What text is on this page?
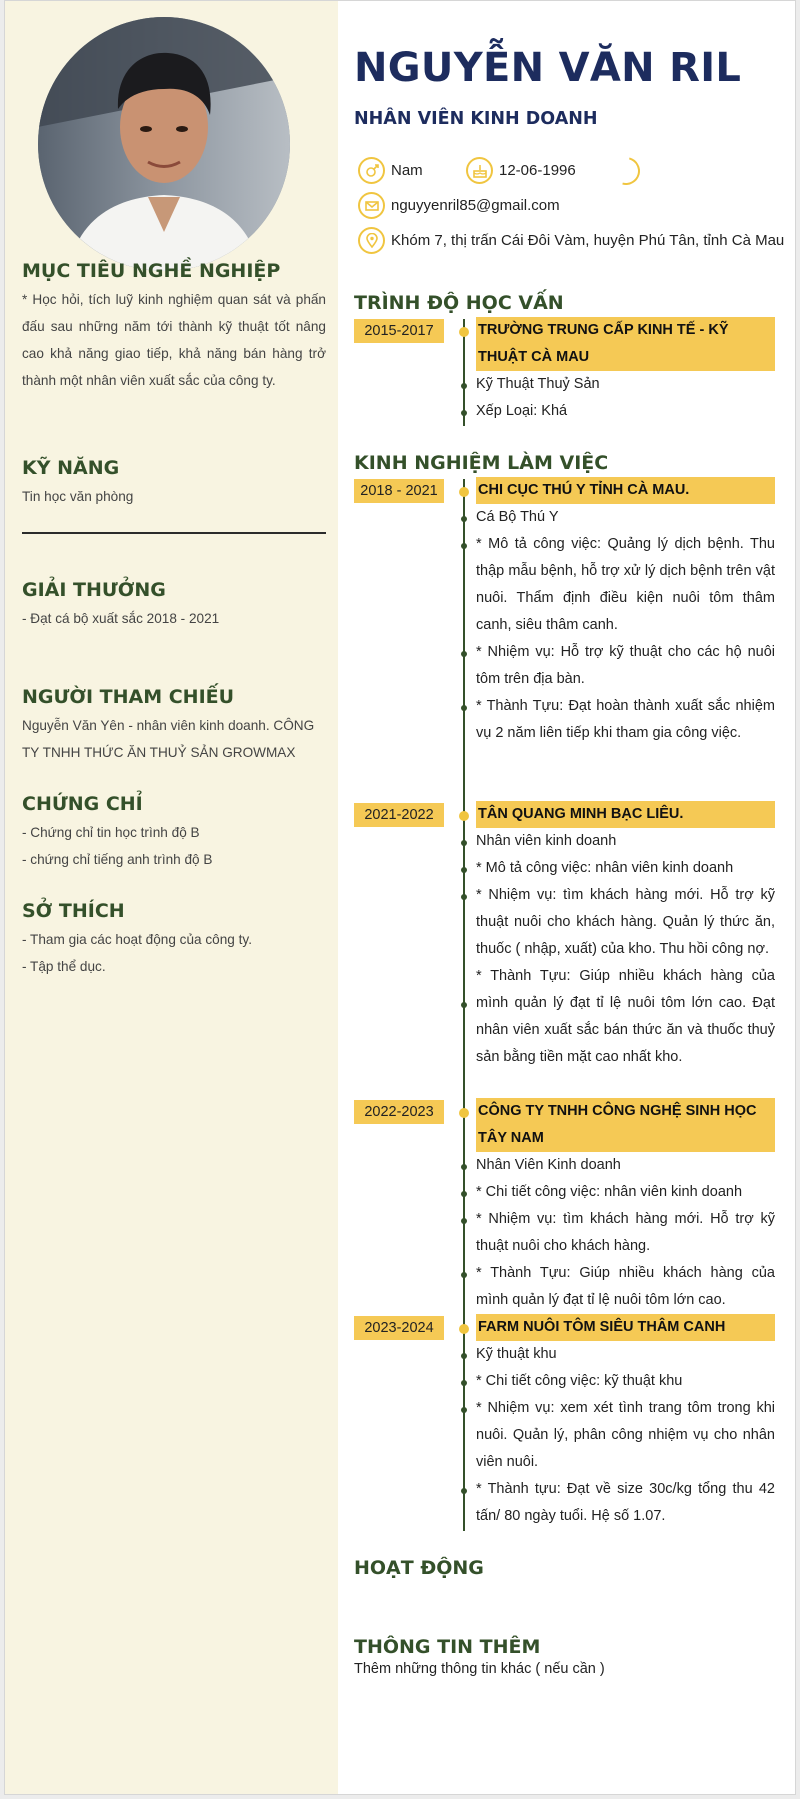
MỤC TIÊU NGHỀ NGHIỆP
* Học hỏi, tích luỹ kinh nghiệm quan sát và phấn đấu sau những năm tới thành kỹ thuật tốt nâng cao khả năng giao tiếp, khả năng bán hàng trở thành một nhân viên xuất sắc của công ty.
KỸ NĂNG
Tin học văn phòng
GIẢI THƯỞNG
- Đạt cá bộ xuất sắc 2018 - 2021
NGƯỜI THAM CHIẾU
Nguyễn Văn Yên - nhân viên kinh doanh. CÔNG TY TNHH THỨC ĂN THUỶ SẢN GROWMAX
CHỨNG CHỈ
- Chứng chỉ tin học trình độ B
- chứng chỉ tiếng anh trình độ B
SỞ THÍCH
- Tham gia các hoạt động của công ty.
- Tập thể dục.
NGUYỄN VĂN RIL
NHÂN VIÊN KINH DOANH
Nam	12-06-1996
nguyyenril85@gmail.com
Khóm 7, thị trấn Cái Đôi Vàm, huyện Phú Tân, tỉnh Cà Mau
TRÌNH ĐỘ HỌC VẤN
2015-2017	TRƯỜNG TRUNG CẤP KINH TẾ - KỸ THUẬT CÀ MAU
Kỹ Thuật Thuỷ Sản
Xếp Loại: Khá
KINH NGHIỆM LÀM VIỆC
2018 - 2021	CHI CỤC THÚ Y TỈNH CÀ MAU.
Cá Bộ Thú Y
* Mô tả công việc: Quảng lý dịch bệnh. Thu thập mẫu bệnh, hỗ trợ xử lý dịch bệnh trên vật nuôi. Thẩm định điều kiện nuôi tôm thâm canh, siêu thâm canh.
* Nhiệm vụ: Hỗ trợ kỹ thuật cho các hộ nuôi tôm trên địa bàn.
* Thành Tựu: Đạt hoàn thành xuất sắc nhiệm vụ 2 năm liên tiếp khi tham gia công việc.
2021-2022	TÂN QUANG MINH BẠC LIÊU.
Nhân viên kinh doanh
* Mô tả công việc: nhân viên kinh doanh
* Nhiệm vụ: tìm khách hàng mới. Hỗ trợ kỹ thuật nuôi cho khách hàng. Quản lý thức ăn, thuốc ( nhập, xuất) của kho. Thu hồi công nợ.
* Thành Tựu: Giúp nhiều khách hàng của mình quản lý đạt tỉ lệ nuôi tôm lớn cao. Đạt nhân viên xuất sắc bán thức ăn và thuốc thuỷ sản bằng tiền mặt cao nhất kho.
2022-2023	CÔNG TY TNHH CÔNG NGHỆ SINH HỌC TÂY NAM
Nhân Viên Kinh doanh
* Chi tiết công việc: nhân viên kinh doanh
* Nhiệm vụ: tìm khách hàng mới. Hỗ trợ kỹ thuật nuôi cho khách hàng.
* Thành Tựu: Giúp nhiều khách hàng của mình quản lý đạt tỉ lệ nuôi tôm lớn cao.
2023-2024	FARM NUÔI TÔM SIÊU THÂM CANH
Kỹ thuật khu
* Chi tiết công việc: kỹ thuật khu
* Nhiệm vụ: xem xét tình trang tôm trong khi nuôi. Quản lý, phân công nhiệm vụ cho nhân viên nuôi.
* Thành tựu: Đạt về size 30c/kg tổng thu 42 tấn/ 80 ngày tuổi. Hệ số 1.07.
HOẠT ĐỘNG
THÔNG TIN THÊM
Thêm những thông tin khác ( nếu cần )
